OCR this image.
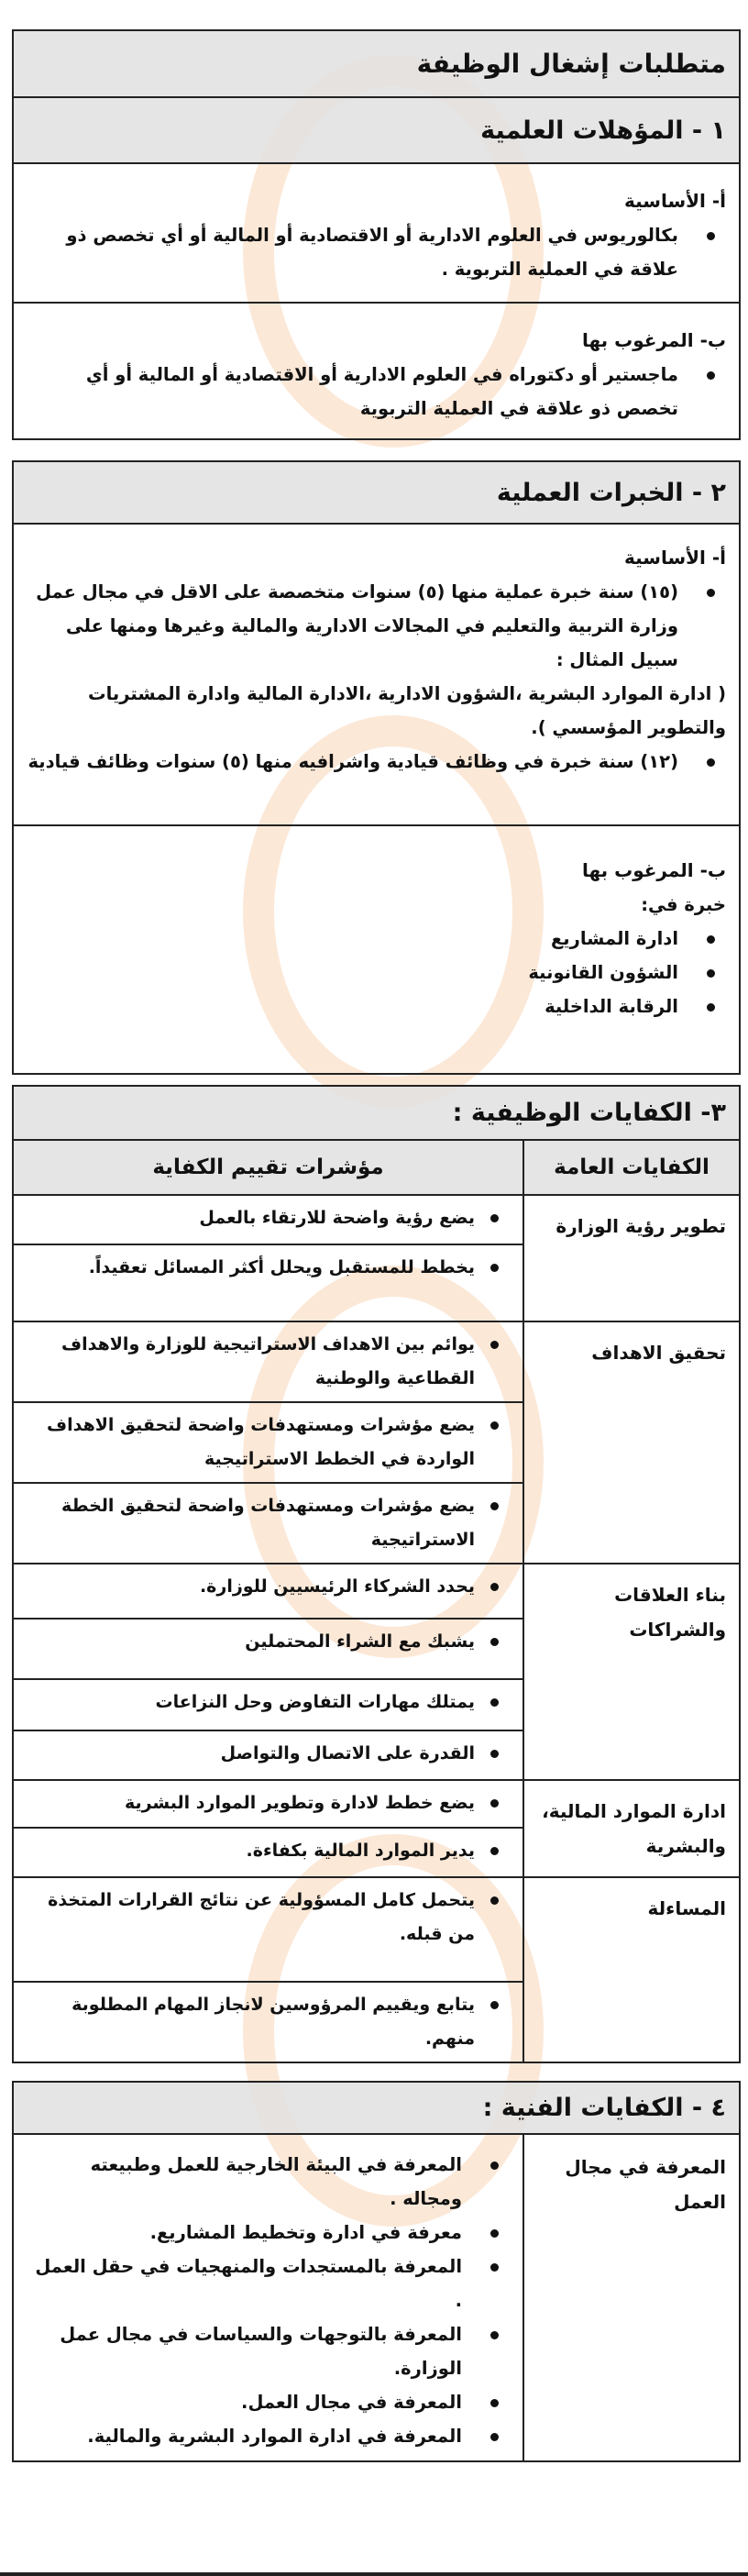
متطلبات إشغال الوظيفة
١ - المؤهلات العلمية
أ- الأساسية
بكالوريوس في العلوم الادارية أو الاقتصادية أو المالية أو أي تخصص ذو علاقة في العملية التربوية .
ب- المرغوب بها
ماجستير أو دكتوراه في العلوم الادارية أو الاقتصادية أو المالية أو أي تخصص ذو علاقة في العملية التربوية
٢ - الخبرات العملية
أ- الأساسية
(١٥) سنة خبرة عملية منها (٥) سنوات متخصصة على الاقل في مجال عمل وزارة التربية والتعليم في المجالات الادارية والمالية وغيرها ومنها على سبيل المثال :
( ادارة الموارد البشرية ،الشؤون الادارية ،الادارة المالية وادارة المشتريات والتطوير المؤسسي ).
(١٢) سنة خبرة في وظائف قيادية واشرافيه منها (٥) سنوات وظائف قيادية
ب- المرغوب بها
خبرة في:
ادارة المشاريع
الشؤون القانونية
الرقابة الداخلية
٣- الكفايات الوظيفية :
الكفايات العامة
مؤشرات تقييم الكفاية
تطوير رؤية الوزارة
يضع رؤية واضحة للارتقاء بالعمل
يخطط للمستقبل ويحلل أكثر المسائل تعقيداً.
تحقيق الاهداف
يوائم بين الاهداف الاستراتيجية للوزارة والاهداف القطاعية والوطنية
يضع مؤشرات ومستهدفات واضحة لتحقيق الاهداف الواردة في الخطط الاستراتيجية
يضع مؤشرات ومستهدفات واضحة لتحقيق الخطة الاستراتيجية
بناء العلاقات والشراكات
يحدد الشركاء الرئيسيين للوزارة.
يشبك مع الشراء المحتملين
يمتلك مهارات التفاوض وحل النزاعات
القدرة على الاتصال والتواصل
ادارة الموارد المالية، والبشرية
يضع خطط لادارة وتطوير الموارد البشرية
يدير الموارد المالية بكفاءة.
المساءلة
يتحمل كامل المسؤولية عن نتائج القرارات المتخذة من قبله.
يتابع ويقييم المرؤوسين لانجاز المهام المطلوبة منهم.
٤ - الكفايات الفنية :
المعرفة في مجال العمل
المعرفة في البيئة الخارجية للعمل وطبيعته ومجاله .
معرفة في ادارة وتخطيط المشاريع.
المعرفة بالمستجدات والمنهجيات في حقل العمل .
المعرفة بالتوجهات والسياسات في مجال عمل الوزارة.
المعرفة في مجال العمل.
المعرفة في ادارة الموارد البشرية والمالية.
